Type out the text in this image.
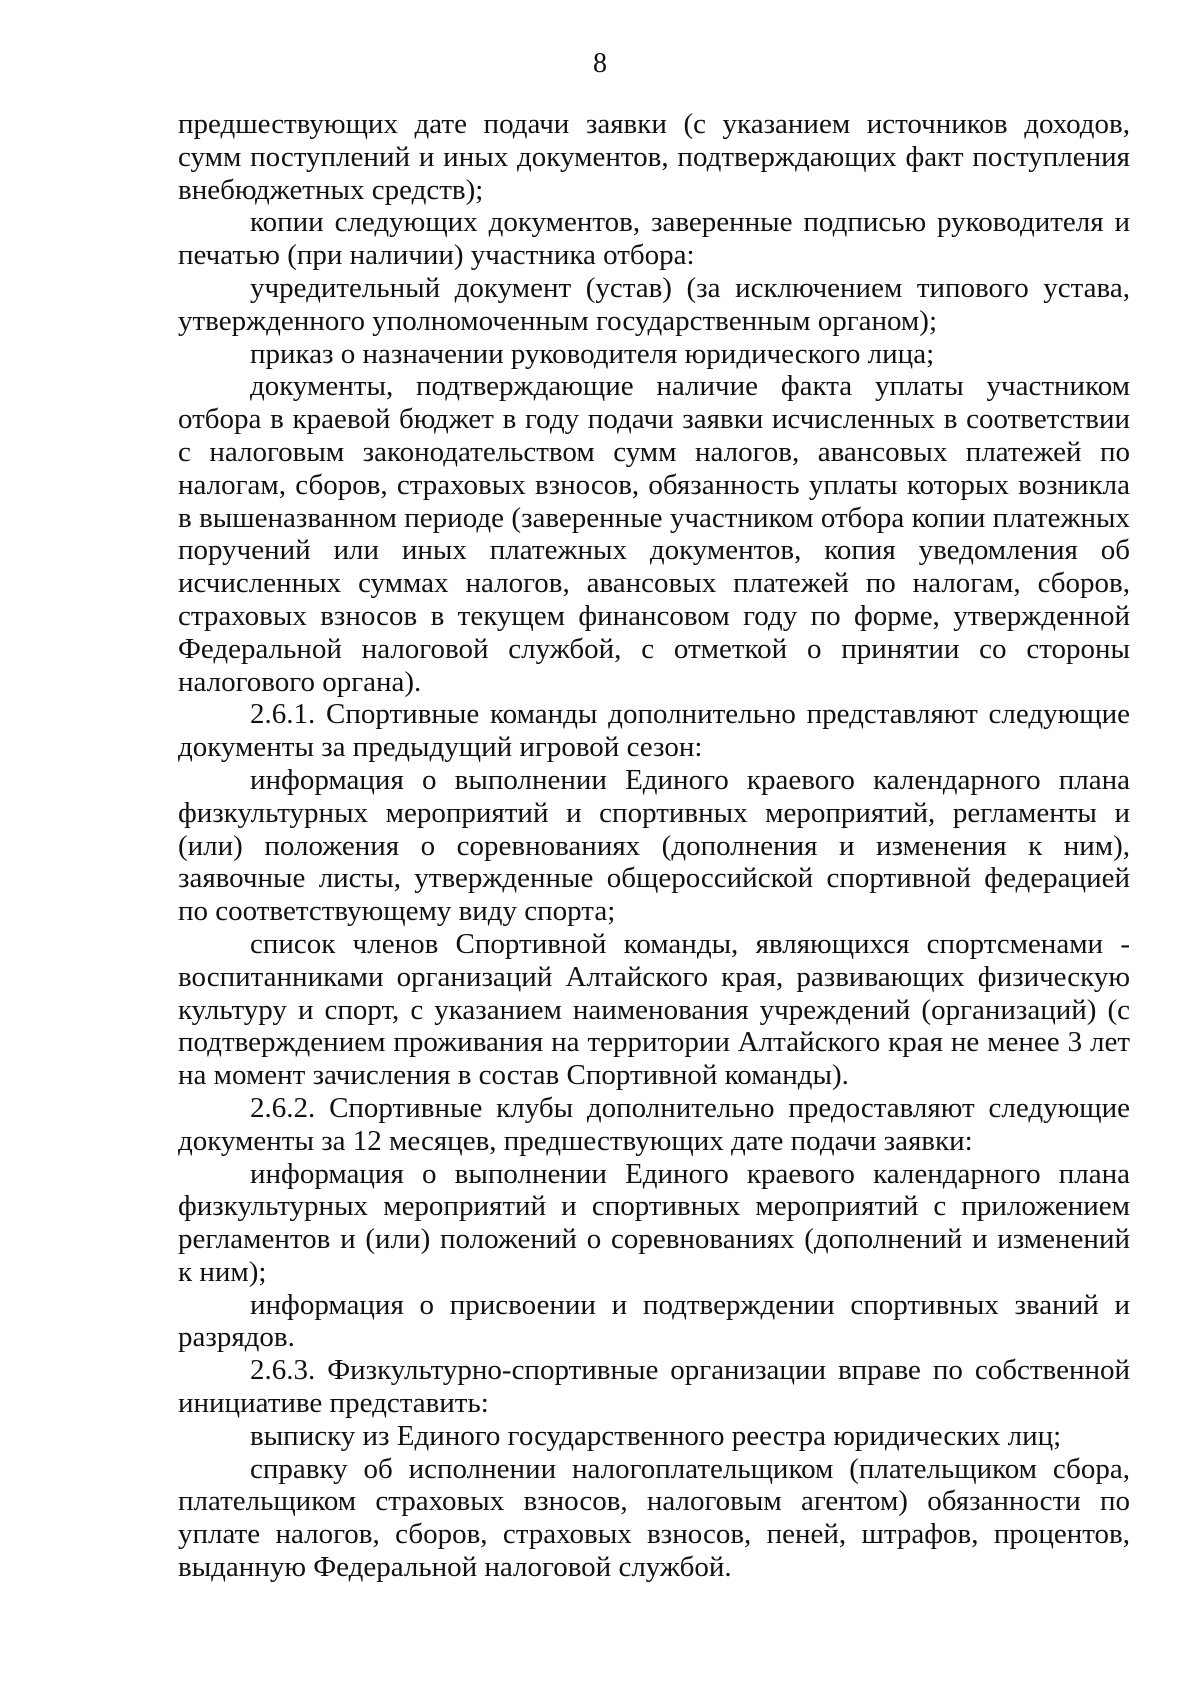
8

предшествующих дате подачи заявки (с указанием источников доходов, сумм поступлений и иных документов, подтверждающих факт поступления внебюджетных средств);

копии следующих документов, заверенные подписью руководителя и печатью (при наличии) участника отбора:

учредительный документ (устав) (за исключением типового устава, утвержденного уполномоченным государственным органом);

приказ о назначении руководителя юридического лица;

документы, подтверждающие наличие факта уплаты участником отбора в краевой бюджет в году подачи заявки исчисленных в соответствии с налоговым законодательством сумм налогов, авансовых платежей по налогам, сборов, страховых взносов, обязанность уплаты которых возникла в вышеназванном периоде (заверенные участником отбора копии платежных поручений или иных платежных документов, копия уведомления об исчисленных суммах налогов, авансовых платежей по налогам, сборов, страховых взносов в текущем финансовом году по форме, утвержденной Федеральной налоговой службой, с отметкой о принятии со стороны налогового органа).

2.6.1. Спортивные команды дополнительно представляют следующие документы за предыдущий игровой сезон:

информация о выполнении Единого краевого календарного плана физкультурных мероприятий и спортивных мероприятий, регламенты и (или) положения о соревнованиях (дополнения и изменения к ним), заявочные листы, утвержденные общероссийской спортивной федерацией по соответствующему виду спорта;

список членов Спортивной команды, являющихся спортсменами - воспитанниками организаций Алтайского края, развивающих физическую культуру и спорт, с указанием наименования учреждений (организаций) (с подтверждением проживания на территории Алтайского края не менее 3 лет на момент зачисления в состав Спортивной команды).

2.6.2. Спортивные клубы дополнительно предоставляют следующие документы за 12 месяцев, предшествующих дате подачи заявки:

информация о выполнении Единого краевого календарного плана физкультурных мероприятий и спортивных мероприятий с приложением регламентов и (или) положений о соревнованиях (дополнений и изменений к ним);

информация о присвоении и подтверждении спортивных званий и разрядов.

2.6.3. Физкультурно-спортивные организации вправе по собственной инициативе представить:

выписку из Единого государственного реестра юридических лиц;

справку об исполнении налогоплательщиком (плательщиком сбора, плательщиком страховых взносов, налоговым агентом) обязанности по уплате налогов, сборов, страховых взносов, пеней, штрафов, процентов, выданную Федеральной налоговой службой.
